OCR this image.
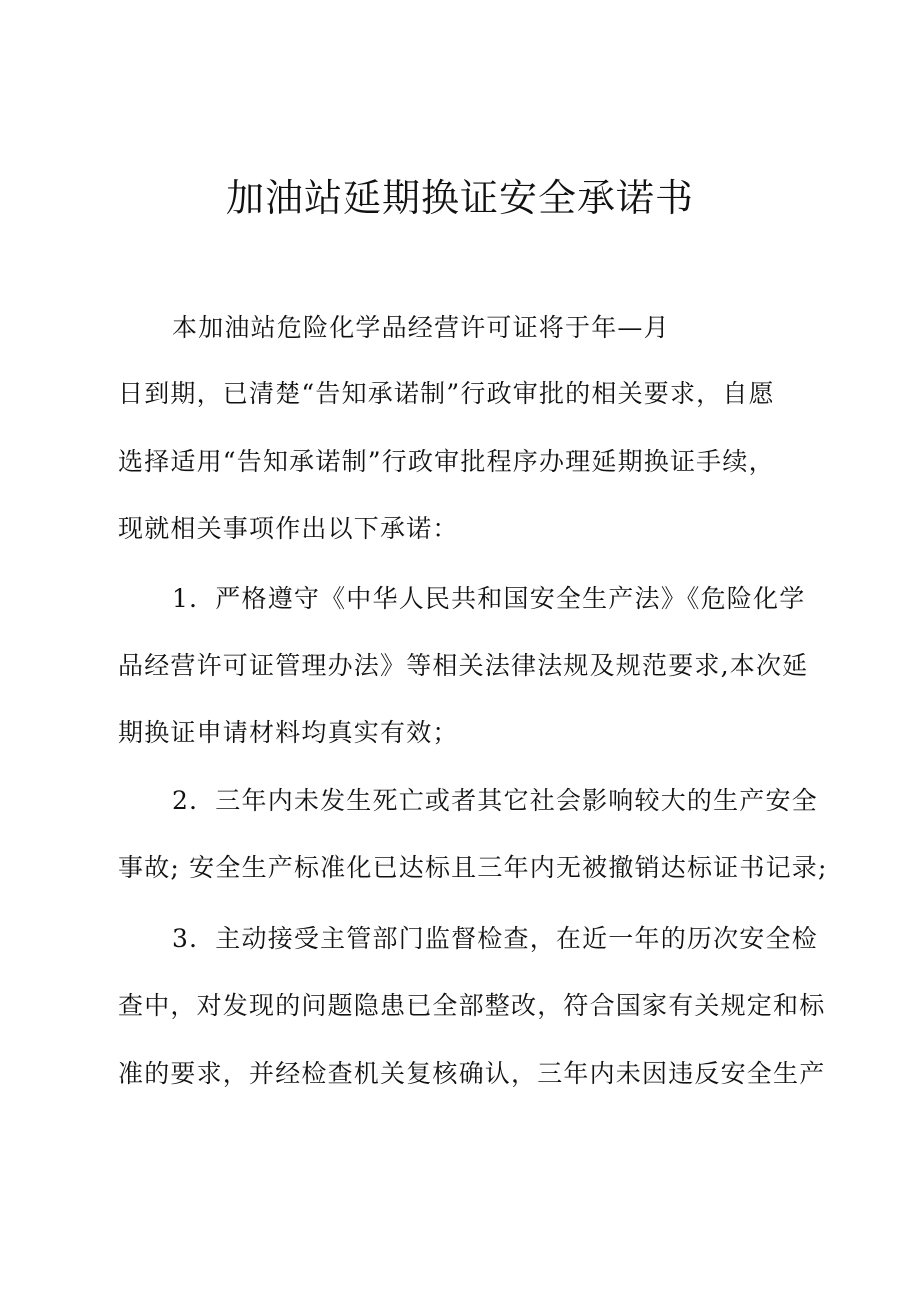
加油站延期换证安全承诺书
本加油站危险化学品经营许可证将于年—月
日到期，已清楚“告知承诺制”行政审批的相关要求，自愿
选择适用“告知承诺制”行政审批程序办理延期换证手续，
现就相关事项作出以下承诺：
1．严格遵守《中华人民共和国安全生产法》《危险化学
品经营许可证管理办法》等相关法律法规及规范要求,本次延
期换证申请材料均真实有效；
2．三年内未发生死亡或者其它社会影响较大的生产安全
事故; 安全生产标准化已达标且三年内无被撤销达标证书记录;
3．主动接受主管部门监督检查，在近一年的历次安全检
查中，对发现的问题隐患已全部整改，符合国家有关规定和标
准的要求，并经检查机关复核确认，三年内未因违反安全生产
